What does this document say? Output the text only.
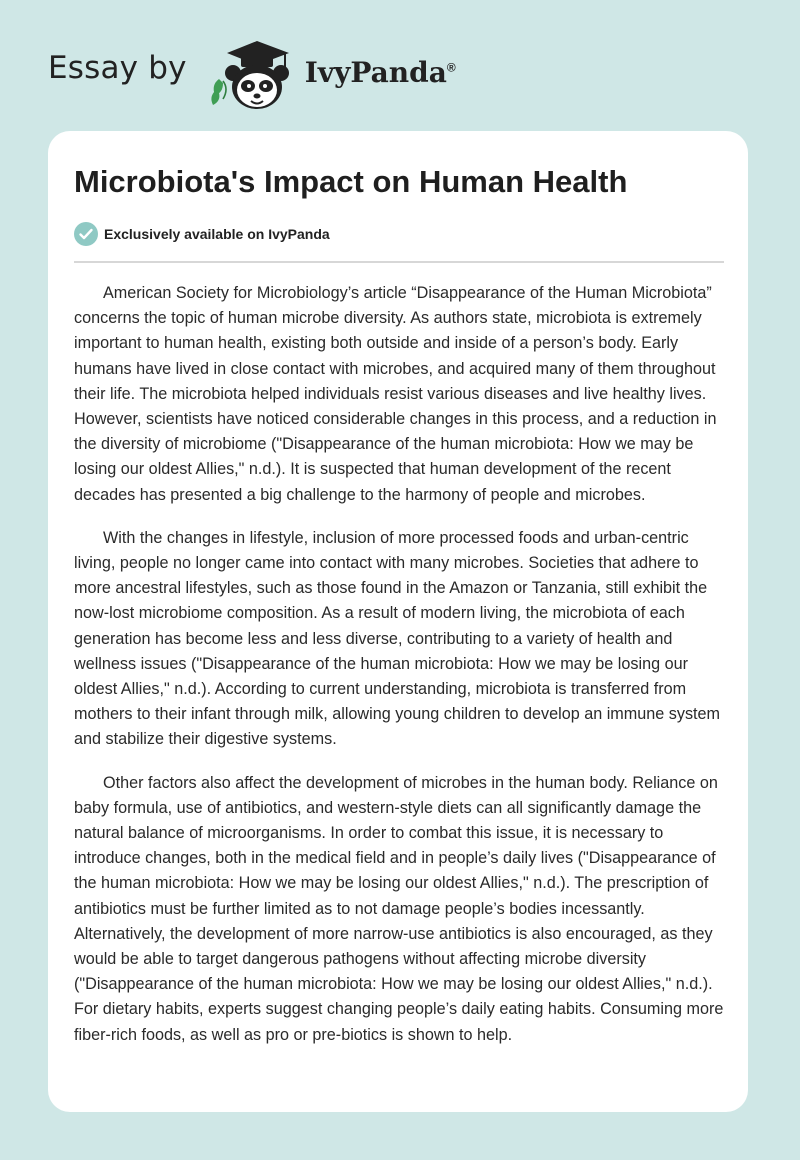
Essay by	IvyPanda®
Microbiota's Impact on Human Health
Exclusively available on IvyPanda

American Society for Microbiology’s article “Disappearance of the Human Microbiota” concerns the topic of human microbe diversity. As authors state, microbiota is extremely important to human health, existing both outside and inside of a person’s body. Early humans have lived in close contact with microbes, and acquired many of them throughout their life. The microbiota helped individuals resist various diseases and live healthy lives. However, scientists have noticed considerable changes in this process, and a reduction in the diversity of microbiome ("Disappearance of the human microbiota: How we may be losing our oldest Allies," n.d.). It is suspected that human development of the recent decades has presented a big challenge to the harmony of people and microbes.

With the changes in lifestyle, inclusion of more processed foods and urban-centric living, people no longer came into contact with many microbes. Societies that adhere to more ancestral lifestyles, such as those found in the Amazon or Tanzania, still exhibit the now-lost microbiome composition. As a result of modern living, the microbiota of each generation has become less and less diverse, contributing to a variety of health and wellness issues ("Disappearance of the human microbiota: How we may be losing our oldest Allies," n.d.). According to current understanding, microbiota is transferred from mothers to their infant through milk, allowing young children to develop an immune system and stabilize their digestive systems.

Other factors also affect the development of microbes in the human body. Reliance on baby formula, use of antibiotics, and western-style diets can all significantly damage the natural balance of microorganisms. In order to combat this issue, it is necessary to introduce changes, both in the medical field and in people’s daily lives ("Disappearance of the human microbiota: How we may be losing our oldest Allies," n.d.). The prescription of antibiotics must be further limited as to not damage people’s bodies incessantly. Alternatively, the development of more narrow-use antibiotics is also encouraged, as they would be able to target dangerous pathogens without affecting microbe diversity ("Disappearance of the human microbiota: How we may be losing our oldest Allies," n.d.). For dietary habits, experts suggest changing people’s daily eating habits. Consuming more fiber-rich foods, as well as pro or pre-biotics is shown to help.
